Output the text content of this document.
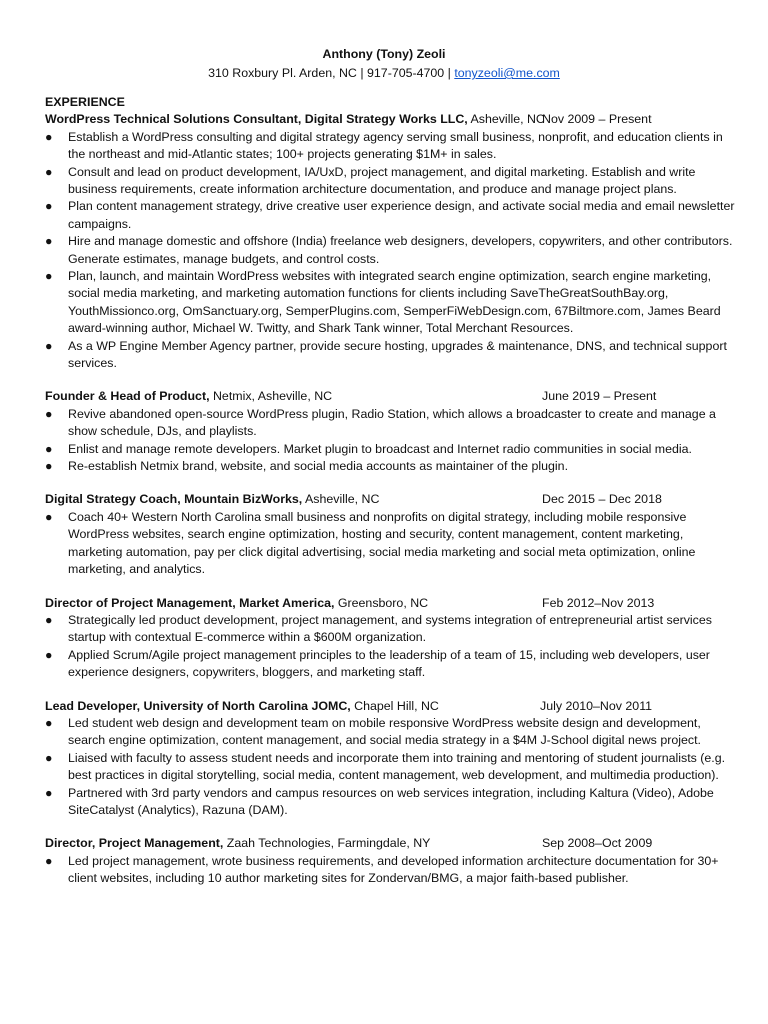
Anthony (Tony) Zeoli
310 Roxbury Pl. Arden, NC | 917-705-4700 | tonyzeoli@me.com
EXPERIENCE
WordPress Technical Solutions Consultant, Digital Strategy Works LLC, Asheville, NC
Nov 2009 – Present
● Establish a WordPress consulting and digital strategy agency serving small business, nonprofit, and education clients in the northeast and mid-Atlantic states; 100+ projects generating $1M+ in sales.
● Consult and lead on product development, IA/UxD, project management, and digital marketing. Establish and write business requirements, create information architecture documentation, and produce and manage project plans.
● Plan content management strategy, drive creative user experience design, and activate social media and email newsletter campaigns.
● Hire and manage domestic and offshore (India) freelance web designers, developers, copywriters, and other contributors. Generate estimates, manage budgets, and control costs.
● Plan, launch, and maintain WordPress websites with integrated search engine optimization, search engine marketing, social media marketing, and marketing automation functions for clients including SaveTheGreatSouthBay.org, YouthMissionco.org, OmSanctuary.org, SemperPlugins.com, SemperFiWebDesign.com, 67Biltmore.com, James Beard award-winning author, Michael W. Twitty, and Shark Tank winner, Total Merchant Resources.
● As a WP Engine Member Agency partner, provide secure hosting, upgrades & maintenance, DNS, and technical support services.
Founder & Head of Product, Netmix, Asheville, NC	June 2019 – Present
● Revive abandoned open-source WordPress plugin, Radio Station, which allows a broadcaster to create and manage a show schedule, DJs, and playlists.
● Enlist and manage remote developers. Market plugin to broadcast and Internet radio communities in social media.
● Re-establish Netmix brand, website, and social media accounts as maintainer of the plugin.
Digital Strategy Coach, Mountain BizWorks, Asheville, NC	Dec 2015 – Dec 2018
● Coach 40+ Western North Carolina small business and nonprofits on digital strategy, including mobile responsive WordPress websites, search engine optimization, hosting and security, content management, content marketing, marketing automation, pay per click digital advertising, social media marketing and social meta optimization, online marketing, and analytics.
Director of Project Management, Market America, Greensboro, NC	Feb 2012–Nov 2013
● Strategically led product development, project management, and systems integration of entrepreneurial artist services startup with contextual E-commerce within a $600M organization.
● Applied Scrum/Agile project management principles to the leadership of a team of 15, including web developers, user experience designers, copywriters, bloggers, and marketing staff.
Lead Developer, University of North Carolina JOMC, Chapel Hill, NC	July 2010–Nov 2011
● Led student web design and development team on mobile responsive WordPress website design and development, search engine optimization, content management, and social media strategy in a $4M J-School digital news project.
● Liaised with faculty to assess student needs and incorporate them into training and mentoring of student journalists (e.g. best practices in digital storytelling, social media, content management, web development, and multimedia production).
● Partnered with 3rd party vendors and campus resources on web services integration, including Kaltura (Video), Adobe SiteCatalyst (Analytics), Razuna (DAM).
Director, Project Management, Zaah Technologies, Farmingdale, NY	Sep 2008–Oct 2009
● Led project management, wrote business requirements, and developed information architecture documentation for 30+ client websites, including 10 author marketing sites for Zondervan/BMG, a major faith-based publisher.
